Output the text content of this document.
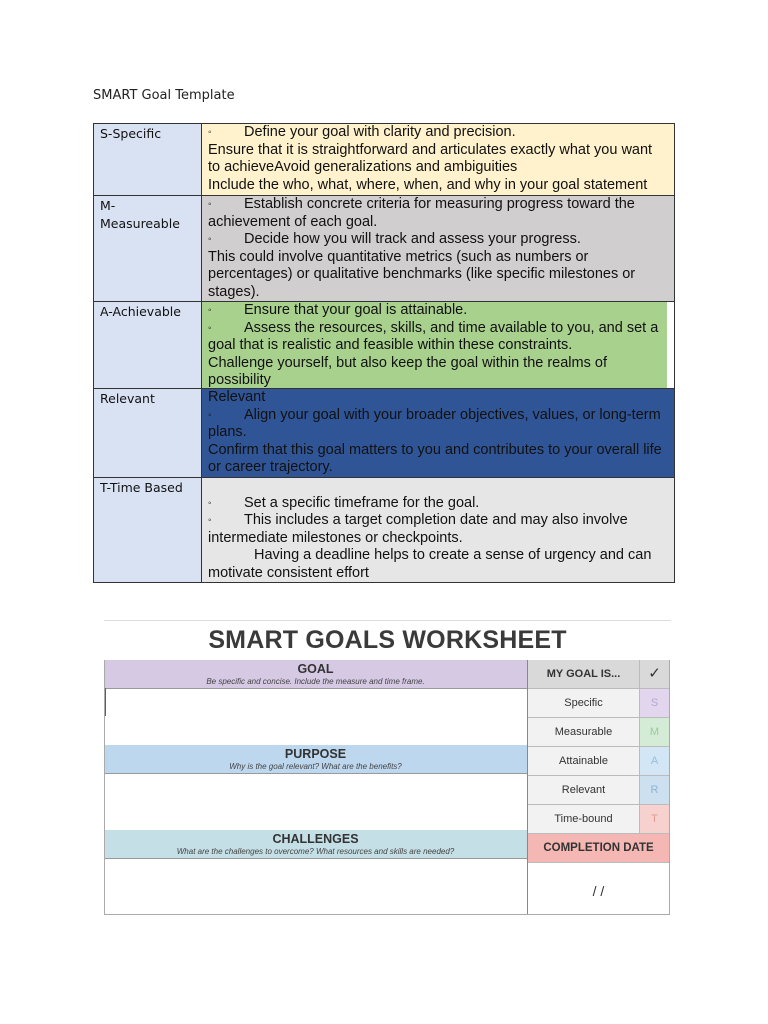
SMART Goal Template
S-Specific	◦ Define your goal with clarity and precision.
Ensure that it is straightforward and articulates exactly what you want to achieveAvoid generalizations and ambiguities
Include the who, what, where, when, and why in your goal statement

M-Measureable	◦ Establish concrete criteria for measuring progress toward the achievement of each goal.
◦ Decide how you will track and assess your progress.
This could involve quantitative metrics (such as numbers or percentages) or qualitative benchmarks (like specific milestones or stages).

A-Achievable	◦ Ensure that your goal is attainable.
◦ Assess the resources, skills, and time available to you, and set a goal that is realistic and feasible within these constraints.
Challenge yourself, but also keep the goal within the realms of possibility

Relevant	Relevant
◦ Align your goal with your broader objectives, values, or long-term plans.
Confirm that this goal matters to you and contributes to your overall life or career trajectory.

T-Time Based	◦ Set a specific timeframe for the goal.
◦ This includes a target completion date and may also involve intermediate milestones or checkpoints.
Having a deadline helps to create a sense of urgency and can motivate consistent effort
SMART GOALS WORKSHEET
GOAL
Be specific and concise. Include the measure and time frame.
PURPOSE
Why is the goal relevant? What are the benefits?
CHALLENGES
What are the challenges to overcome? What resources and skills are needed?
MY GOAL IS...	✓
Specific	S
Measurable	M
Attainable	A
Relevant	R
Time-bound	T
COMPLETION DATE
/ /
